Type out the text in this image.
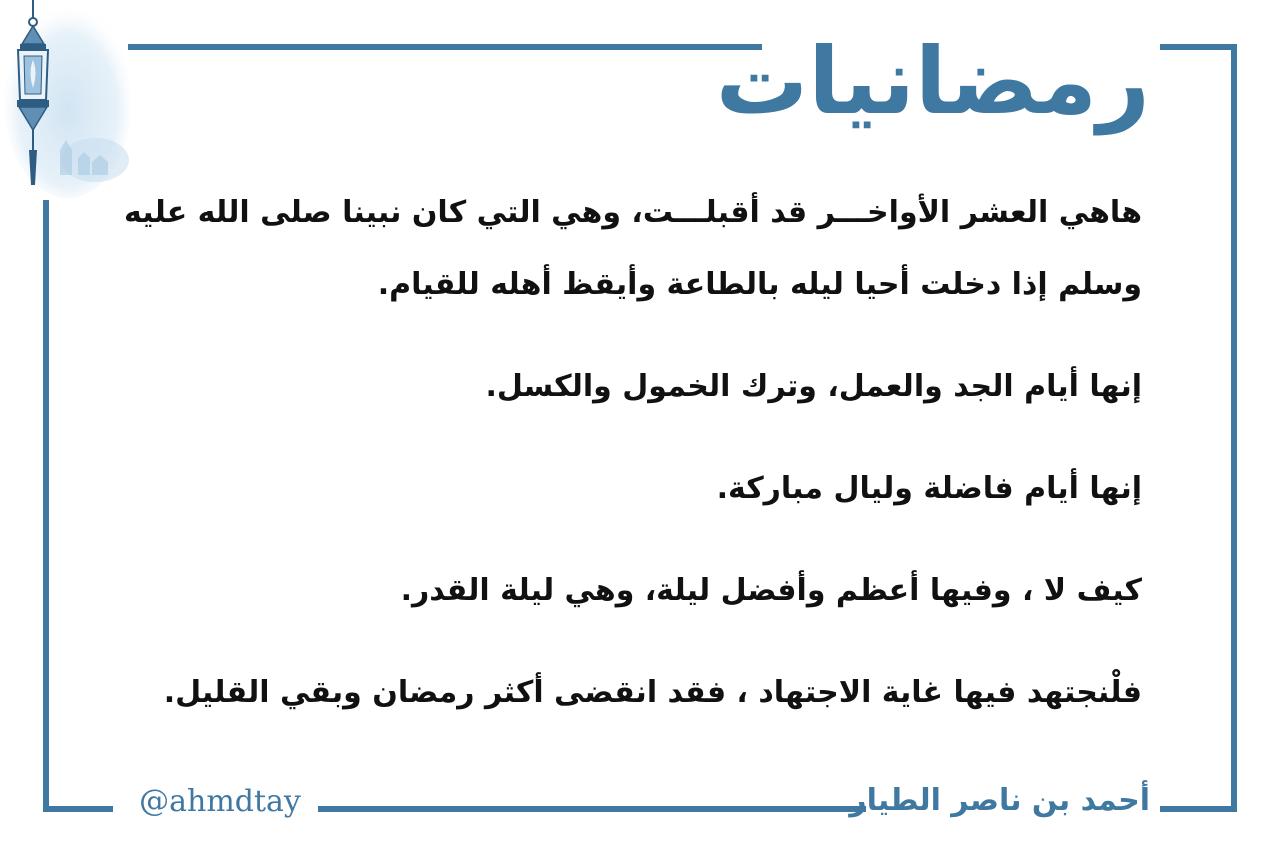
رمضانيات
هاهي العشر الأواخـــر قد أقبلـــت، وهي التي كان نبينا صلى الله عليه
وسلم إذا دخلت أحيا ليله بالطاعة وأيقظ أهله للقيام.
إنها أيام الجد والعمل، وترك الخمول والكسل.
إنها أيام فاضلة وليال مباركة.
كيف لا ، وفيها أعظم وأفضل ليلة، وهي ليلة القدر.
فلْنجتهد فيها غاية الاجتهاد ، فقد انقضى أكثر رمضان وبقي القليل.
@ahmdtay	أحمد بن ناصر الطيار
